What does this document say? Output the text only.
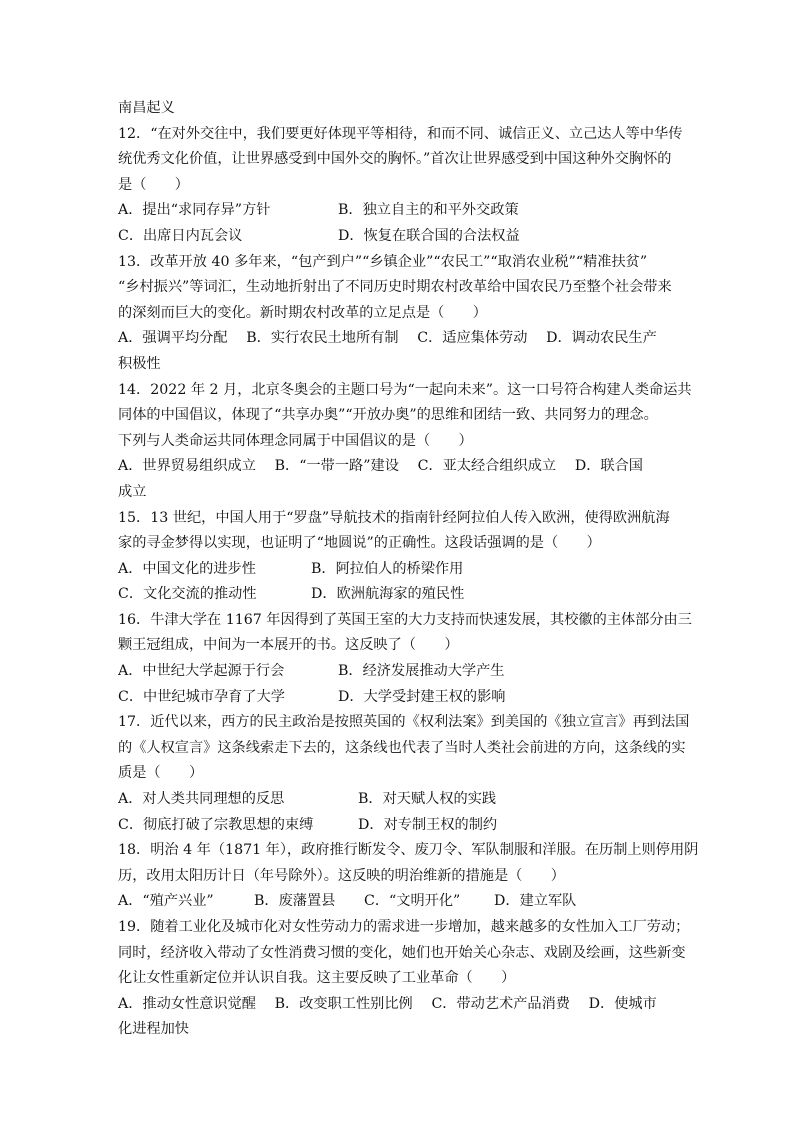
南昌起义
12．“在对外交往中，我们要更好体现平等相待，和而不同、诚信正义、立己达人等中华传
统优秀文化价值，让世界感受到中国外交的胸怀。”首次让世界感受到中国这种外交胸怀的
是（　　）
A．提出“求同存异”方针	B．独立自主的和平外交政策
C．出席日内瓦会议	D．恢复在联合国的合法权益
13．改革开放 40 多年来，“包产到户”“乡镇企业”“农民工”“取消农业税”“精准扶贫”
“乡村振兴”等词汇，生动地折射出了不同历史时期农村改革给中国农民乃至整个社会带来
的深刻而巨大的变化。新时期农村改革的立足点是（　　）
A．强调平均分配　 B．实行农民土地所有制　 C．适应集体劳动　 D．调动农民生产
积极性
14．2022 年 2 月，北京冬奥会的主题口号为“一起向未来”。这一口号符合构建人类命运共
同体的中国倡议，体现了“共享办奥”“开放办奥”的思维和团结一致、共同努力的理念。
下列与人类命运共同体理念同属于中国倡议的是（　　）
A．世界贸易组织成立　 B．“一带一路”建设　 C．亚太经合组织成立　 D．联合国
成立
15．13 世纪，中国人用于“罗盘”导航技术的指南针经阿拉伯人传入欧洲，使得欧洲航海
家的寻金梦得以实现，也证明了“地圆说”的正确性。这段话强调的是（　　）
A．中国文化的进步性	B．阿拉伯人的桥梁作用
C．文化交流的推动性	D．欧洲航海家的殖民性
16．牛津大学在 1167 年因得到了英国王室的大力支持而快速发展，其校徽的主体部分由三
颗王冠组成，中间为一本展开的书。这反映了（　　）
A．中世纪大学起源于行会	B．经济发展推动大学产生
C．中世纪城市孕育了大学	D．大学受封建王权的影响
17．近代以来，西方的民主政治是按照英国的《权利法案》到美国的《独立宣言》再到法国
的《人权宣言》这条线索走下去的，这条线也代表了当时人类社会前进的方向，这条线的实
质是（　　）
A．对人类共同理想的反思	B．对天赋人权的实践
C．彻底打破了宗教思想的束缚	D．对专制王权的制约
18．明治 4 年（1871 年），政府推行断发令、废刀令、军队制服和洋服。在历制上则停用阴
历，改用太阳历计日（年号除外）。这反映的明治维新的措施是（　　）
A．“殖产兴业”	B．废藩置县	C．“文明开化”	D．建立军队
19．随着工业化及城市化对女性劳动力的需求进一步增加，越来越多的女性加入工厂劳动；
同时，经济收入带动了女性消费习惯的变化，她们也开始关心杂志、戏剧及绘画，这些新变
化让女性重新定位并认识自我。这主要反映了工业革命（　　）
A．推动女性意识觉醒　 B．改变职工性别比例　 C．带动艺术产品消费　 D．使城市
化进程加快
